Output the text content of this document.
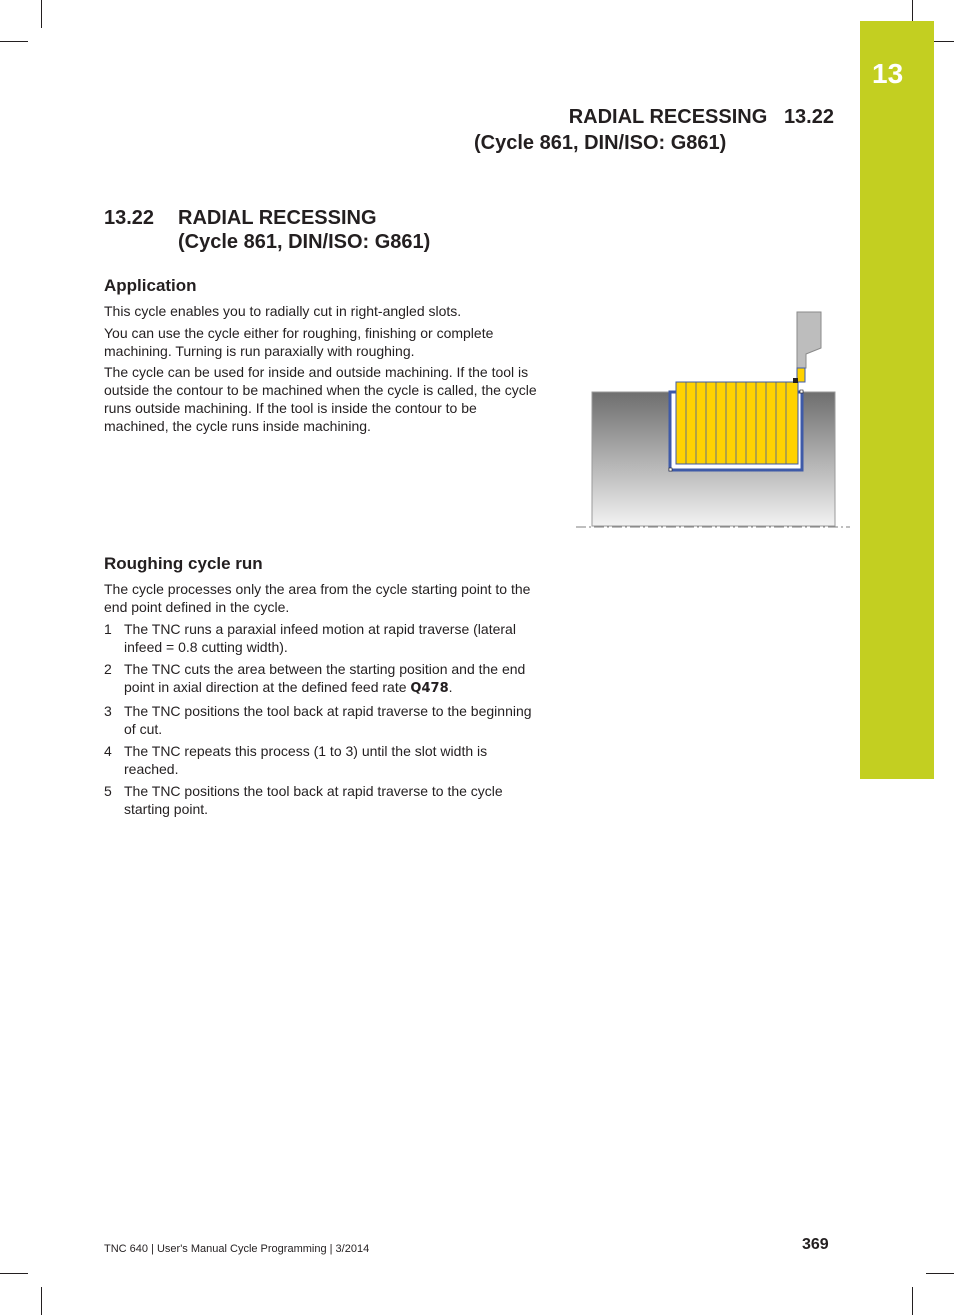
13
RADIAL RECESSING 13.22
(Cycle 861, DIN/ISO: G861)
13.22 RADIAL RECESSING
(Cycle 861, DIN/ISO: G861)
Application

This cycle enables you to radially cut in right-angled slots.

You can use the cycle either for roughing, finishing or complete machining. Turning is run paraxially with roughing.

The cycle can be used for inside and outside machining. If the tool is outside the contour to be machined when the cycle is called, the cycle runs outside machining. If the tool is inside the contour to be machined, the cycle runs inside machining.

Roughing cycle run

The cycle processes only the area from the cycle starting point to the end point defined in the cycle.

1 The TNC runs a paraxial infeed motion at rapid traverse (lateral infeed = 0.8 cutting width).
2 The TNC cuts the area between the starting position and the end point in axial direction at the defined feed rate Q478.
3 The TNC positions the tool back at rapid traverse to the beginning of cut.
4 The TNC repeats this process (1 to 3) until the slot width is reached.
5 The TNC positions the tool back at rapid traverse to the cycle starting point.
TNC 640 | User's Manual Cycle Programming | 3/2014	369
